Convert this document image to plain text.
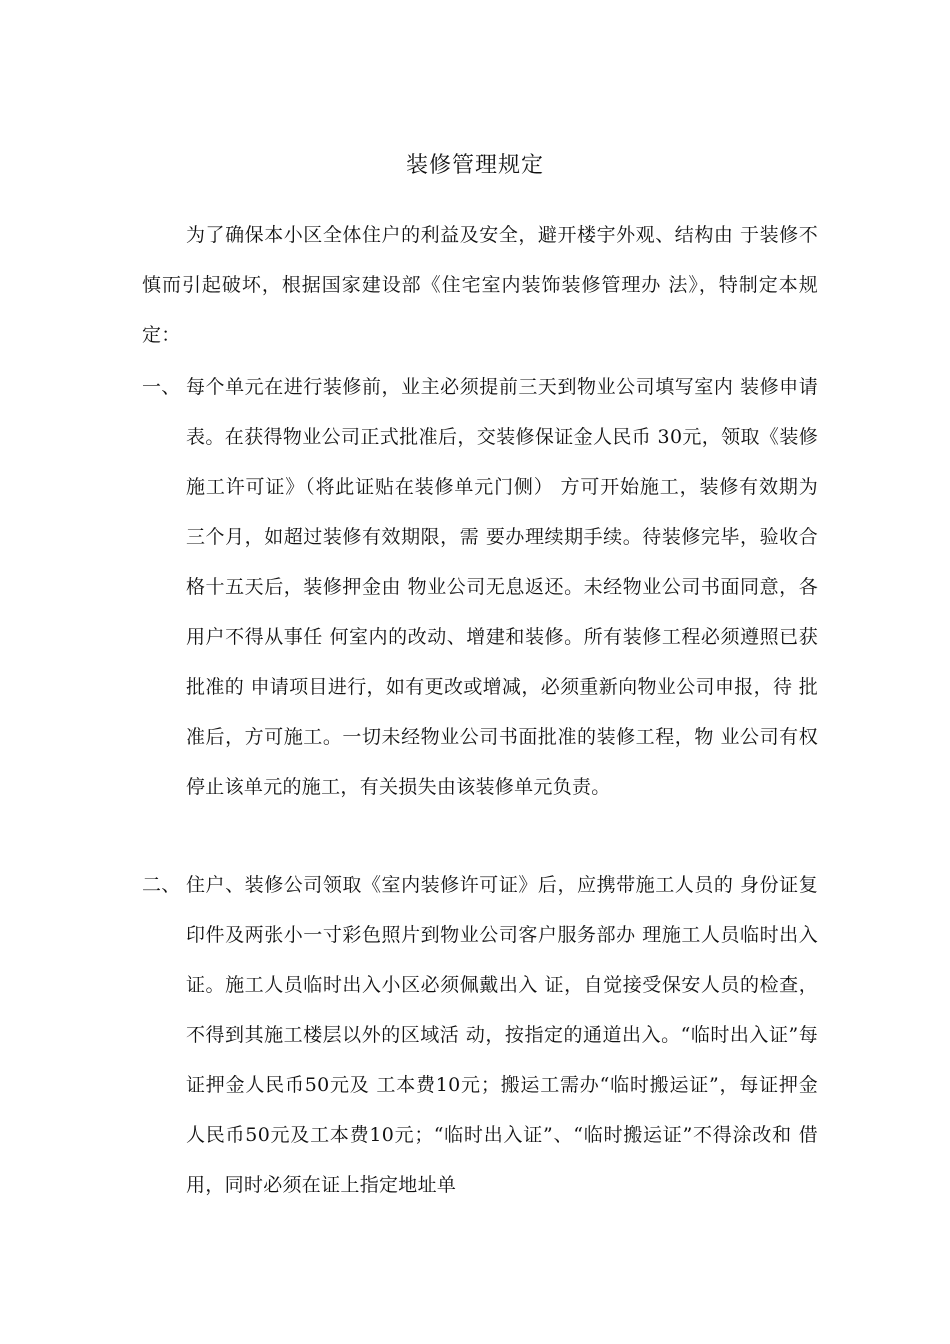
装修管理规定

为了确保本小区全体住户的利益及安全，避开楼宇外观、结构由 于装修不慎而引起破坏，根据国家建设部《住宅室内装饰装修管理办 法》，特制定本规定：

一、 每个单元在进行装修前，业主必须提前三天到物业公司填写室内 装修申请表。在获得物业公司正式批准后，交装修保证金人民币 30元，领取《装修施工许可证》（将此证贴在装修单元门侧） 方可开始施工，装修有效期为三个月，如超过装修有效期限，需 要办理续期手续。待装修完毕，验收合格十五天后，装修押金由 物业公司无息返还。未经物业公司书面同意，各用户不得从事任 何室内的改动、增建和装修。所有装修工程必须遵照已获批准的 申请项目进行，如有更改或增减，必须重新向物业公司申报，待 批准后，方可施工。一切未经物业公司书面批准的装修工程，物 业公司有权停止该单元的施工，有关损失由该装修单元负责。
二、 住户、装修公司领取《室内装修许可证》后，应携带施工人员的 身份证复印件及两张小一寸彩色照片到物业公司客户服务部办 理施工人员临时出入证。施工人员临时出入小区必须佩戴出入 证，自觉接受保安人员的检查，不得到其施工楼层以外的区域活 动，按指定的通道出入。“临时出入证”每证押金人民币50元及 工本费10元；搬运工需办“临时搬运证”，每证押金人民币50元及工本费10元；“临时出入证”、“临时搬运证”不得涂改和 借用，同时必须在证上指定地址单
